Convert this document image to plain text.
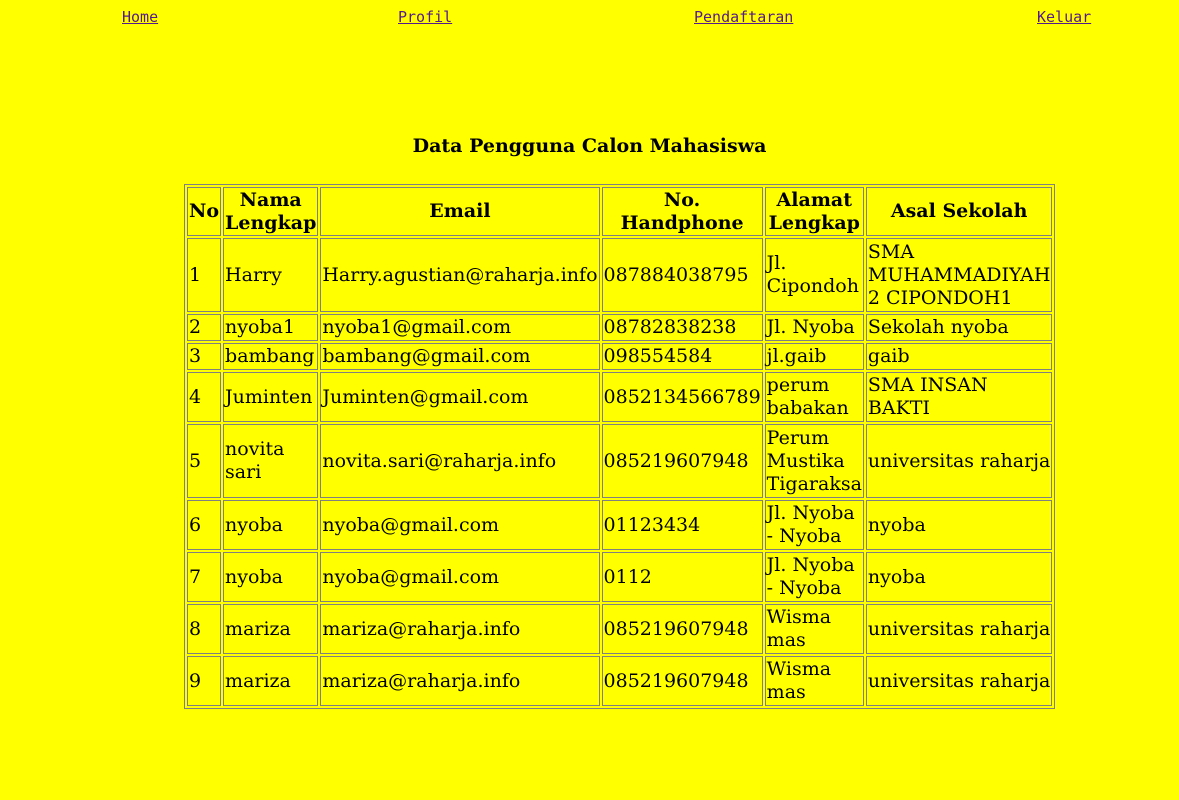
Home	Profil	Pendaftaran	Keluar
Data Pengguna Calon Mahasiswa
No	Nama Lengkap	Email	No. Handphone	Alamat Lengkap	Asal Sekolah
1	Harry	Harry.agustian@raharja.info	087884038795	Jl. Cipondoh	SMA MUHAMMADIYAH 2 CIPONDOH1
2	nyoba1	nyoba1@gmail.com	08782838238	Jl. Nyoba	Sekolah nyoba
3	bambang	bambang@gmail.com	098554584	jl.gaib	gaib
4	Juminten	Juminten@gmail.com	0852134566789	perum babakan	SMA INSAN BAKTI
5	novita sari	novita.sari@raharja.info	085219607948	Perum Mustika Tigaraksa	universitas raharja
6	nyoba	nyoba@gmail.com	01123434	Jl. Nyoba - Nyoba	nyoba
7	nyoba	nyoba@gmail.com	0112	Jl. Nyoba - Nyoba	nyoba
8	mariza	mariza@raharja.info	085219607948	Wisma mas	universitas raharja
9	mariza	mariza@raharja.info	085219607948	Wisma mas	universitas raharja
